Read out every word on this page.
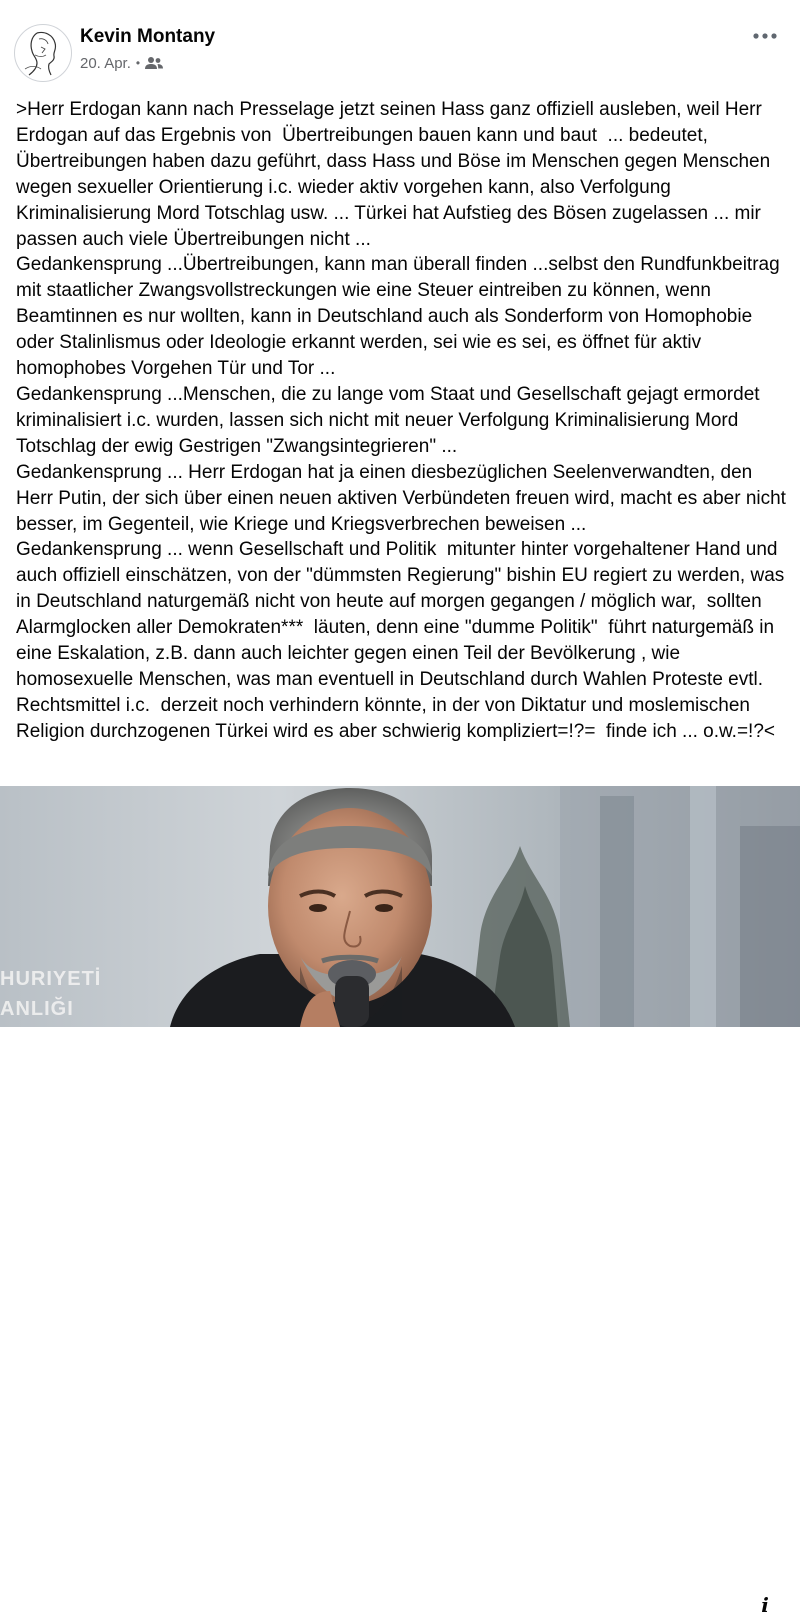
Kevin Montany
20. Apr. •

>Herr Erdogan kann nach Presselage jetzt seinen Hass ganz offiziell ausleben, weil Herr Erdogan auf das Ergebnis von  Übertreibungen bauen kann und baut  ... bedeutet, Übertreibungen haben dazu geführt, dass Hass und Böse im Menschen gegen Menschen wegen sexueller Orientierung i.c. wieder aktiv vorgehen kann, also Verfolgung Kriminalisierung Mord Totschlag usw. ... Türkei hat Aufstieg des Bösen zugelassen ... mir passen auch viele Übertreibungen nicht ...
Gedankensprung ...Übertreibungen, kann man überall finden ...selbst den Rundfunkbeitrag mit staatlicher Zwangsvollstreckungen wie eine Steuer eintreiben zu können, wenn Beamtinnen es nur wollten, kann in Deutschland auch als Sonderform von Homophobie oder Stalinlismus oder Ideologie erkannt werden, sei wie es sei, es öffnet für aktiv homophobes Vorgehen Tür und Tor ...
Gedankensprung ...Menschen, die zu lange vom Staat und Gesellschaft gejagt ermordet kriminalisiert i.c. wurden, lassen sich nicht mit neuer Verfolgung Kriminalisierung Mord Totschlag der ewig Gestrigen "Zwangsintegrieren" ...
Gedankensprung ... Herr Erdogan hat ja einen diesbezüglichen Seelenverwandten, den  Herr Putin, der sich über einen neuen aktiven Verbündeten freuen wird, macht es aber nicht besser, im Gegenteil, wie Kriege und Kriegsverbrechen beweisen ...
Gedankensprung ... wenn Gesellschaft und Politik  mitunter hinter vorgehaltener Hand und auch offiziell einschätzen, von der "dümmsten Regierung" bishin EU regiert zu werden, was in Deutschland naturgemäß nicht von heute auf morgen gegangen / möglich war,  sollten Alarmglocken aller Demokraten***  läuten, denn eine "dumme Politik"  führt naturgemäß in eine Eskalation, z.B. dann auch leichter gegen einen Teil der Bevölkerung , wie homosexuelle Menschen, was man eventuell in Deutschland durch Wahlen Proteste evtl. Rechtsmittel i.c.  derzeit noch verhindern könnte, in der von Diktatur und moslemischen Religion durchzogenen Türkei wird es aber schwierig kompliziert=!?=  finde ich ... o.w.=!?<

i
HURIYETİ
ANLIĞI
